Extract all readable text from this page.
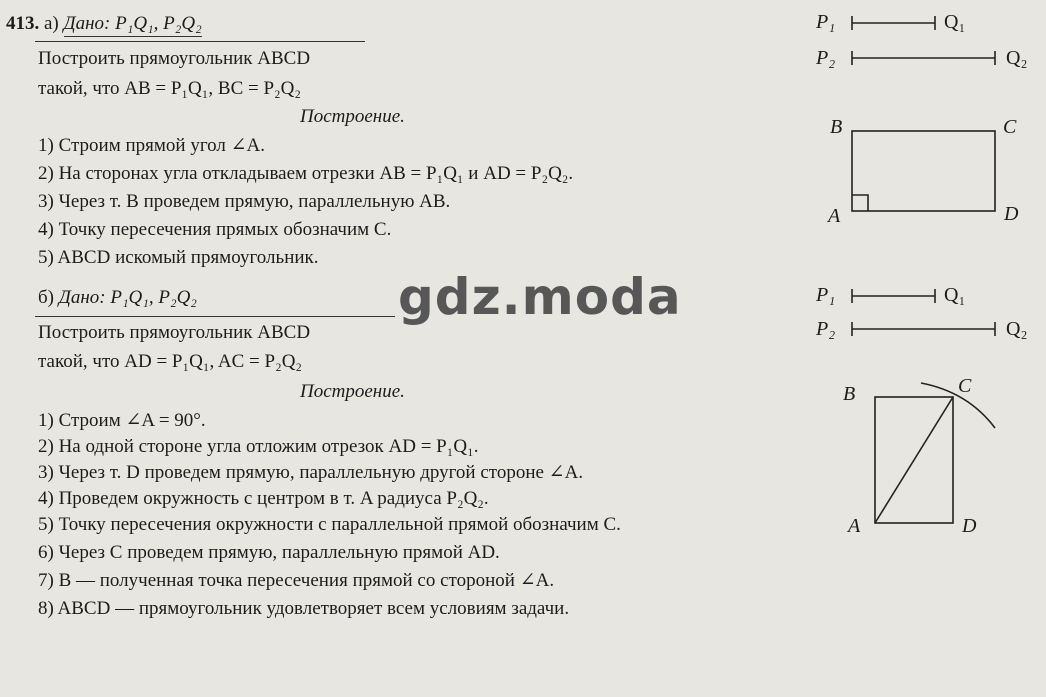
413. а) Дано: P₁Q₁, P₂Q₂
Построить прямоугольник ABCD
такой, что AB = P₁Q₁, BC = P₂Q₂
Построение.
1) Строим прямой угол ∠A.
2) На сторонах угла откладываем отрезки AB = P₁Q₁ и AD = P₂Q₂.
3) Через т. B проведем прямую, параллельную AB.
4) Точку пересечения прямых обозначим C.
5) ABCD искомый прямоугольник.
б) Дано: P₁Q₁, P₂Q₂
Построить прямоугольник ABCD
такой, что AD = P₁Q₁, AC = P₂Q₂
Построение.
1) Строим ∠A = 90°.
2) На одной стороне угла отложим отрезок AD = P₁Q₁.
3) Через т. D проведем прямую, параллельную другой стороне ∠A.
4) Проведем окружность с центром в т. A радиуса P₂Q₂.
5) Точку пересечения окружности с параллельной прямой обозначим C.
6) Через C проведем прямую, параллельную прямой AD.
7) B — полученная точка пересечения прямой со стороной ∠A.
8) ABCD — прямоугольник удовлетворяет всем условиям задачи.
gdz.moda
P₁	Q₁
P₂	Q₂
B	C
A	D
P₁	Q₁
P₂	Q₂
B	C
A	D
